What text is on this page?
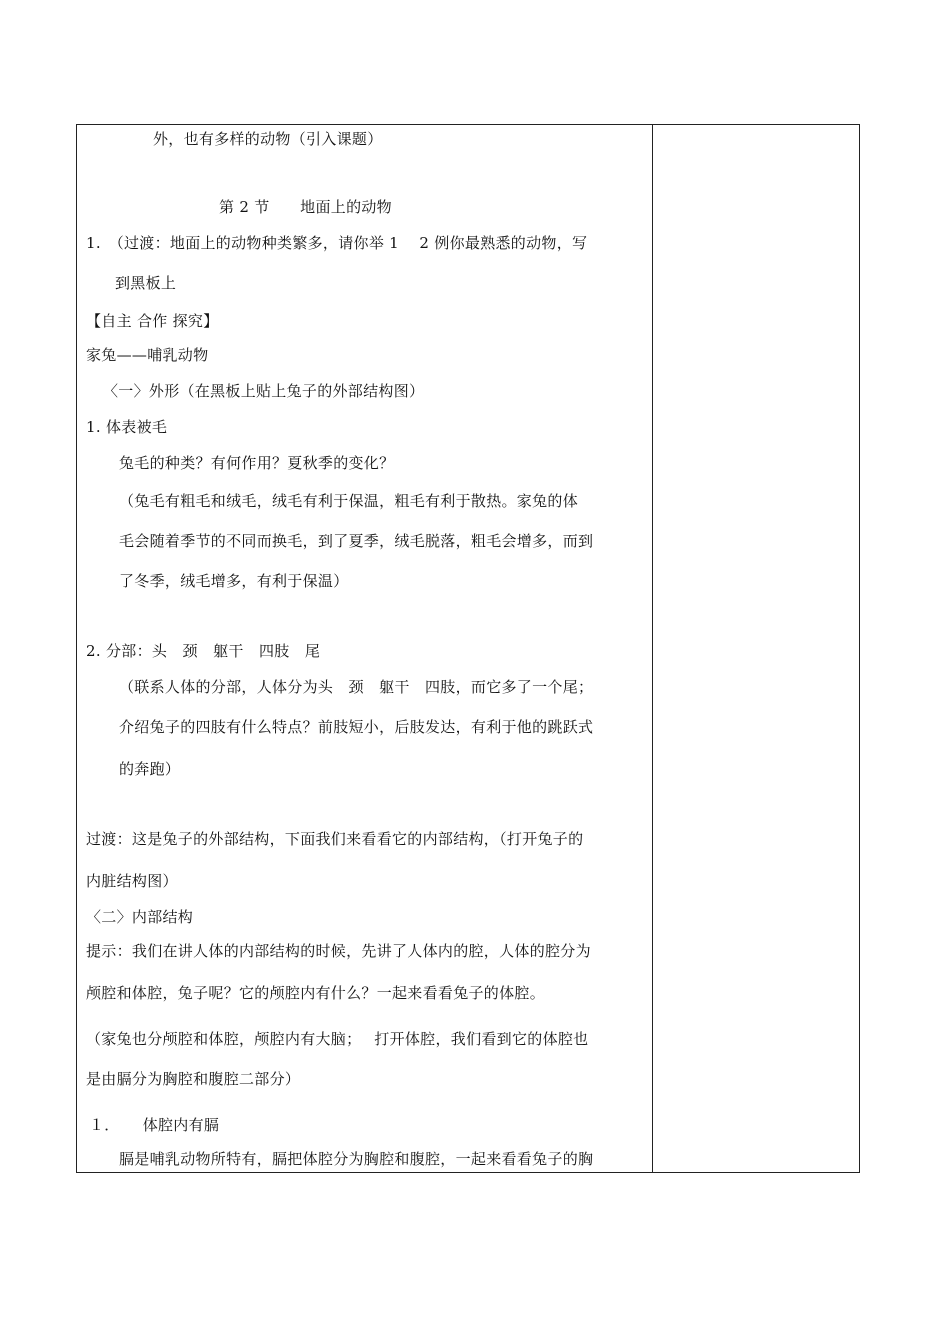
外，也有多样的动物（引入课题）
第 2 节　　地面上的动物
1.　（过渡：地面上的动物种类繁多，请你举 1　 2 例你最熟悉的动物，写
到黑板上
【自主 合作 探究】
家兔——哺乳动物
〈一〉外形（在黑板上贴上兔子的外部结构图）
1. 体表被毛
兔毛的种类？有何作用？夏秋季的变化？
（兔毛有粗毛和绒毛，绒毛有利于保温，粗毛有利于散热。家兔的体
毛会随着季节的不同而换毛，到了夏季，绒毛脱落，粗毛会增多，而到
了冬季，绒毛增多，有利于保温）
2. 分部：头　颈　躯干　四肢　尾
（联系人体的分部，人体分为头　颈　躯干　四肢，而它多了一个尾；
介绍兔子的四肢有什么特点？前肢短小，后肢发达，有利于他的跳跃式
的奔跑）
过渡：这是兔子的外部结构，下面我们来看看它的内部结构，（打开兔子的
内脏结构图）
〈二〉内部结构
提示：我们在讲人体的内部结构的时候，先讲了人体内的腔，人体的腔分为
颅腔和体腔，兔子呢？它的颅腔内有什么？一起来看看兔子的体腔。
（家兔也分颅腔和体腔，颅腔内有大脑；　 打开体腔，我们看到它的体腔也
是由膈分为胸腔和腹腔二部分）
１．　　体腔内有膈
膈是哺乳动物所特有，膈把体腔分为胸腔和腹腔，一起来看看兔子的胸
